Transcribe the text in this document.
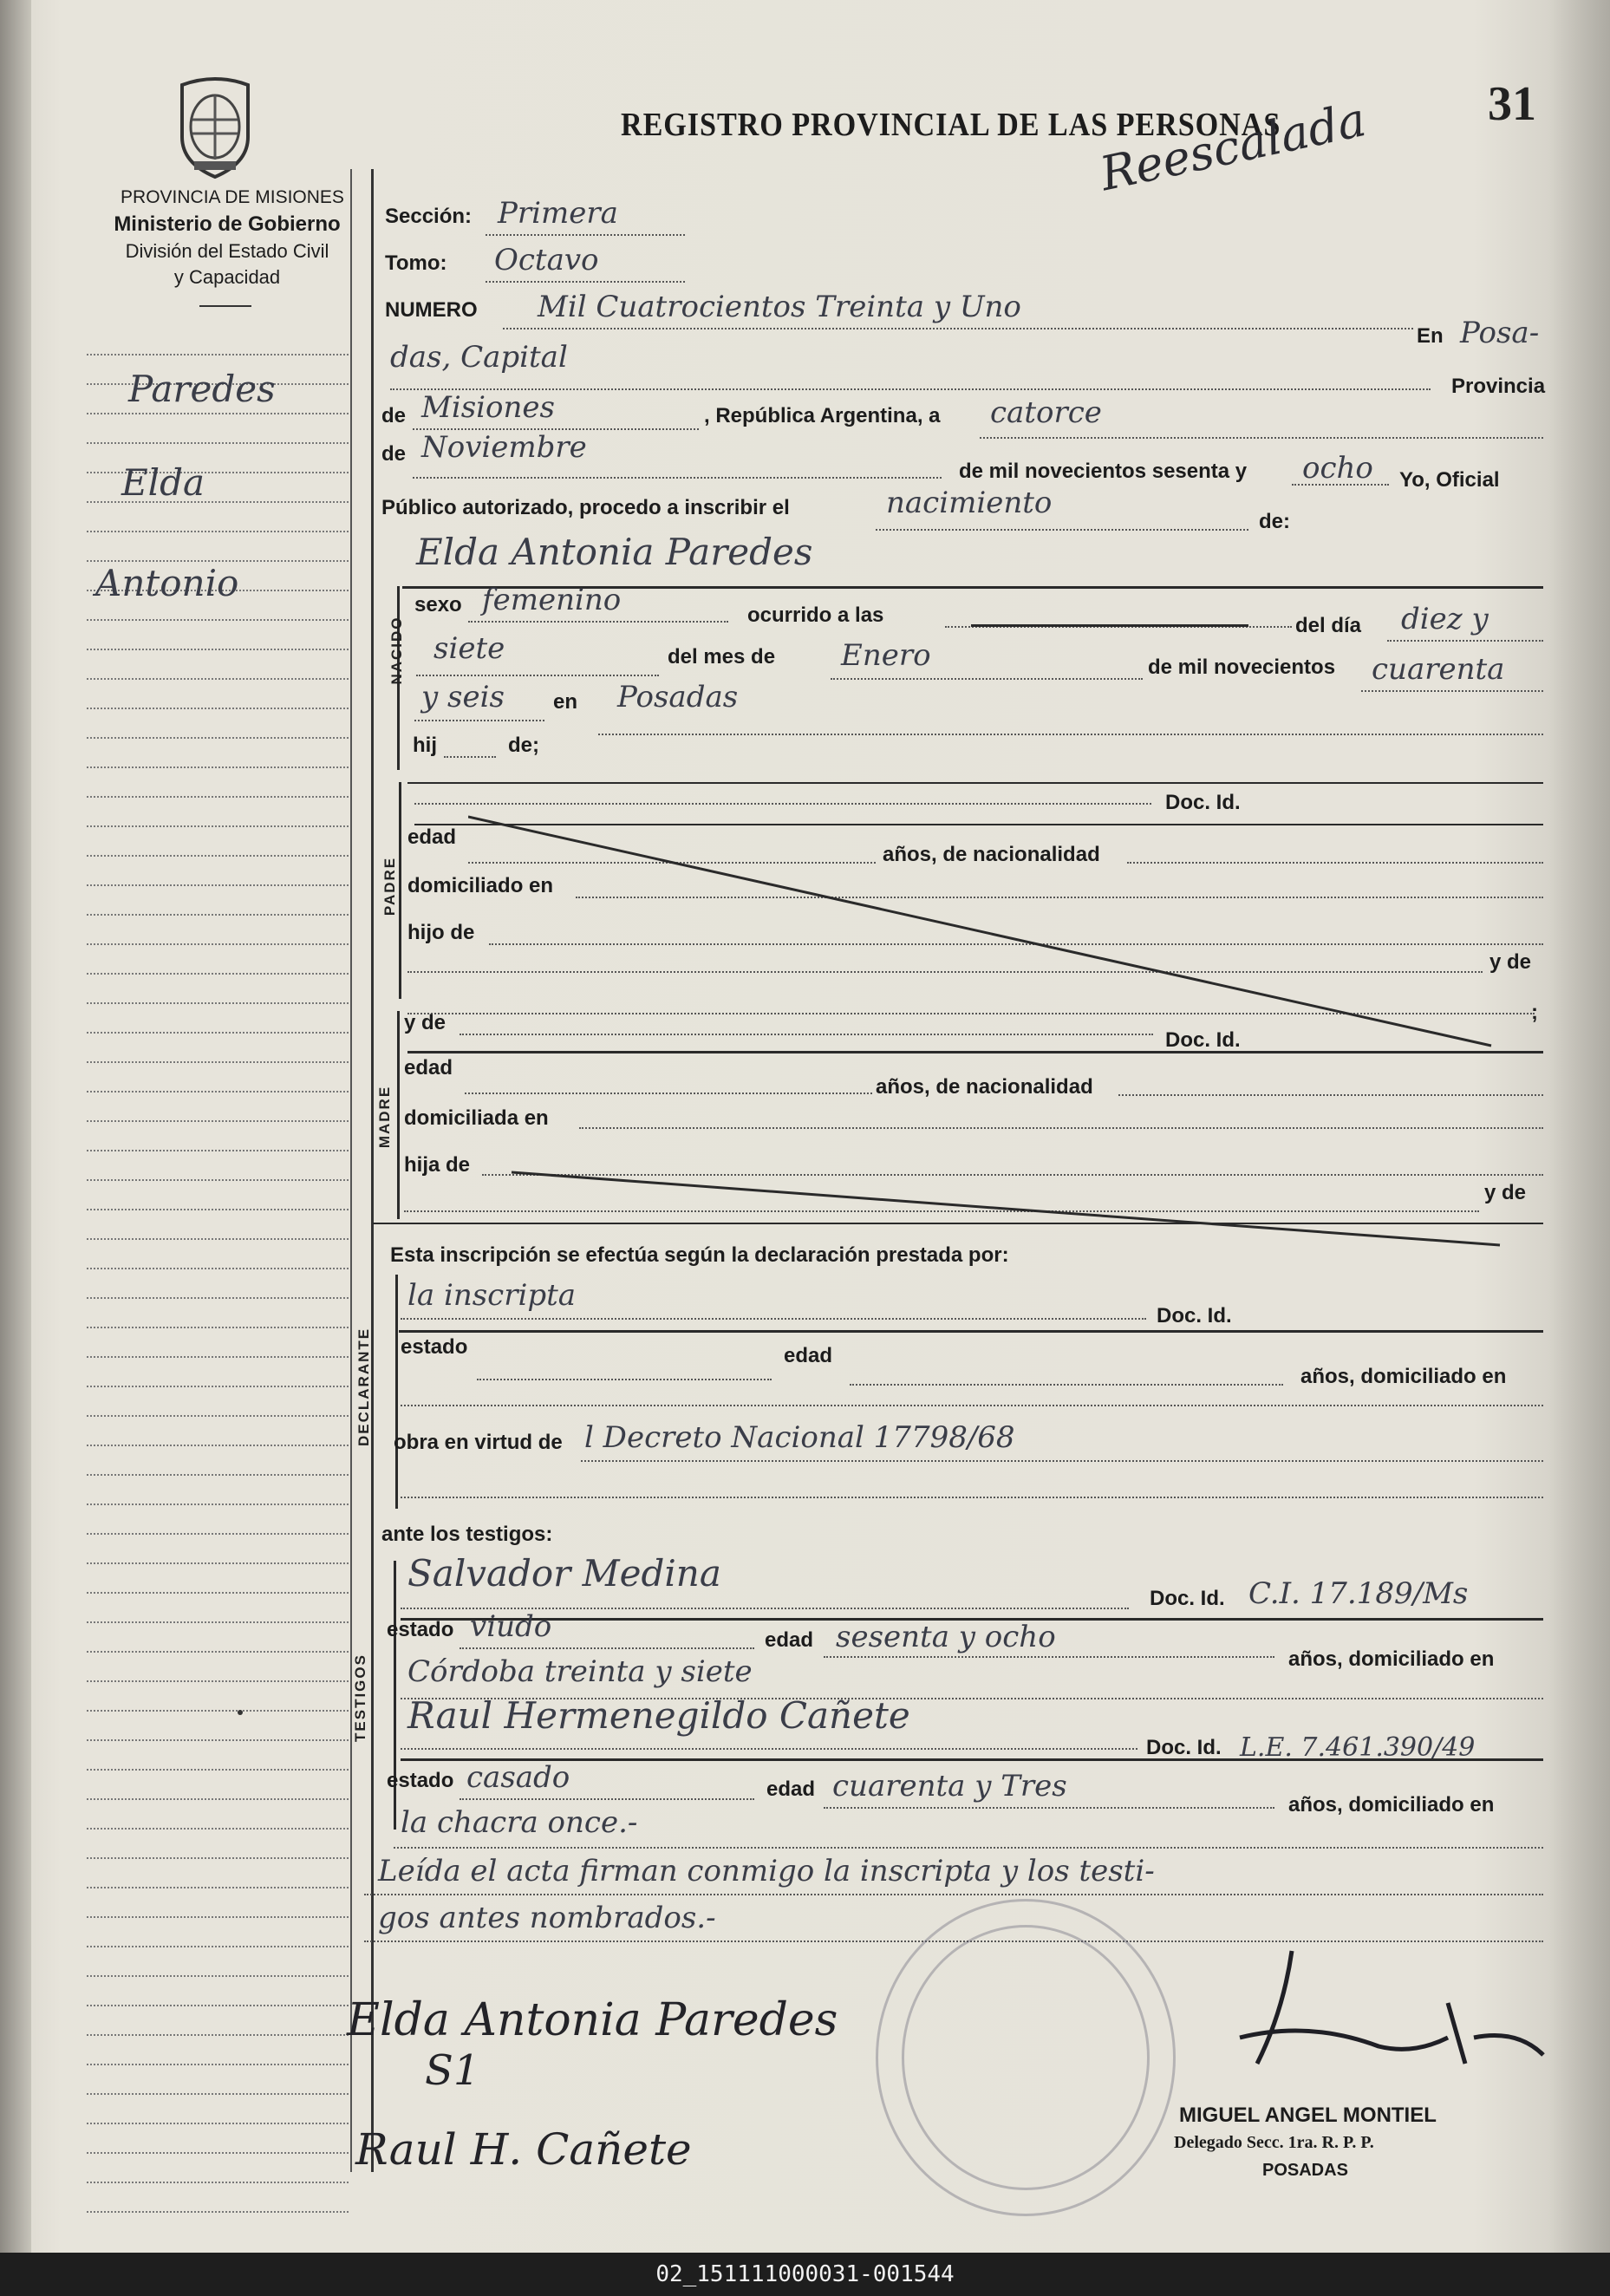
31
PROVINCIA DE MISIONES
Ministerio de Gobierno
División del Estado Civil
y Capacidad
REGISTRO PROVINCIAL DE LAS PERSONAS
Reescalada
Paredes
Elda
Antonio
Sección: Primera
Tomo: Octavo
NUMERO Mil Cuatrocientos Treinta y Uno
En Posa-
das, Capital
Provincia
de Misiones	, República Argentina, a catorce
de Noviembre
de mil novecientos sesenta y ocho Yo, Oficial
Público autorizado, procedo a inscribir el	nacimiento
de:
Elda Antonia Paredes
NACIDO
sexo femenino	ocurrido a las	del día diez y
siete	del mes de Enero	de mil novecientos cuarenta
y seis en Posadas
hij	de;
PADRE
Doc. Id.
edad
años, de nacionalidad
domiciliado en
hijo de
y de
;
MADRE
y de
Doc. Id.
edad
años, de nacionalidad
domiciliada en
hija de
y de
Esta inscripción se efectúa según la declaración prestada por:
DECLARANTE
la inscripta
Doc. Id.
estado	edad
años, domiciliado en
obra en virtud de l Decreto Nacional 17798/68
ante los testigos:
TESTIGOS
Salvador Medina
Doc. Id. C.I. 17.189/Ms
estado viudo	edad sesenta y ocho
años, domiciliado en
Córdoba treinta y siete
Raul Hermenegildo Cañete
Doc. Id. L.E. 7.461.390/49
estado casado	edad cuarenta y Tres
años, domiciliado en
la chacra once.-
Leída el acta firman conmigo la inscripta y los testi-
gos antes nombrados.-
Elda Antonia Paredes
S1
Raul H. Cañete
MIGUEL ANGEL MONTIEL
Delegado Secc. 1ra. R. P. P.
POSADAS
02_151111000031-001544
